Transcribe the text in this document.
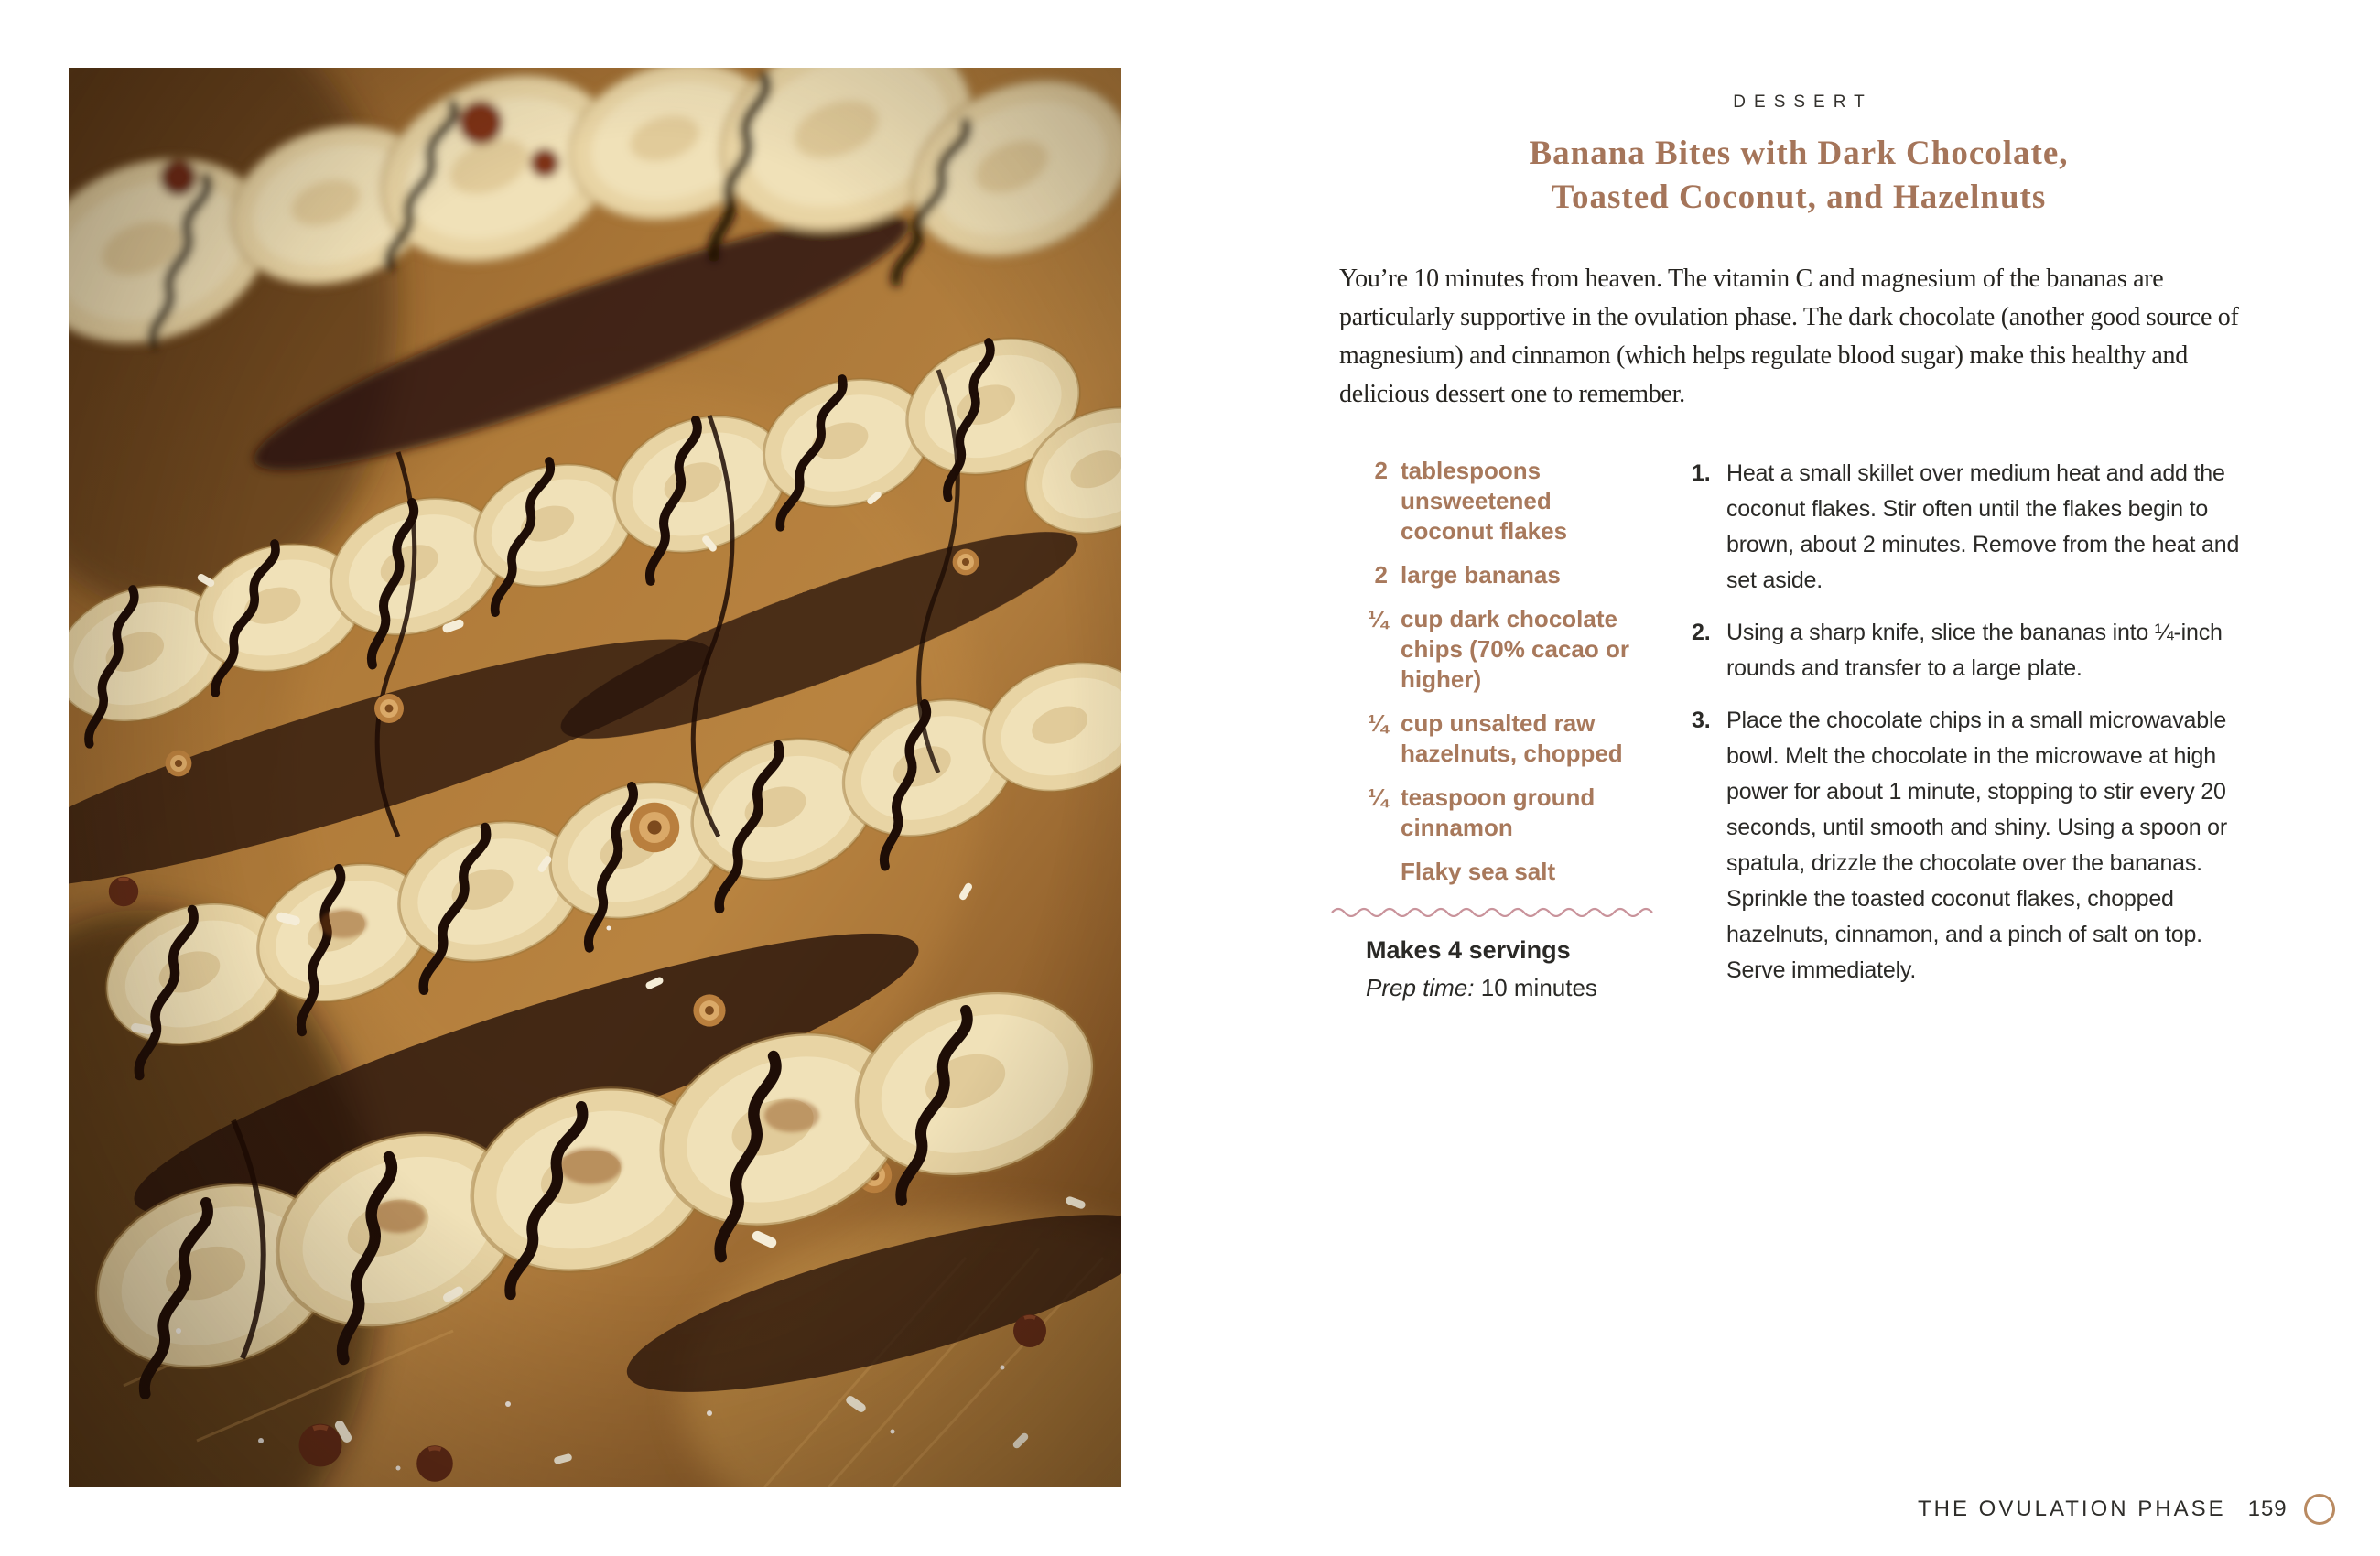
DESSERT
Banana Bites with Dark Chocolate,
Toasted Coconut, and Hazelnuts
You’re 10 minutes from heaven. The vitamin C and magnesium of the bananas are particularly supportive in the ovulation phase. The dark chocolate (another good source of magnesium) and cinnamon (which helps regulate blood sugar) make this healthy and delicious dessert one to remember.
2 tablespoons unsweetened coconut flakes
2 large bananas
¼ cup dark chocolate chips (70% cacao or higher)
¼ cup unsalted raw hazelnuts, chopped
¼ teaspoon ground cinnamon
Flaky sea salt
Makes 4 servings
Prep time: 10 minutes
1. Heat a small skillet over medium heat and add the coconut flakes. Stir often until the flakes begin to brown, about 2 minutes. Remove from the heat and set aside.
2. Using a sharp knife, slice the bananas into ¼-inch rounds and transfer to a large plate.
3. Place the chocolate chips in a small microwavable bowl. Melt the chocolate in the microwave at high power for about 1 minute, stopping to stir every 20 seconds, until smooth and shiny. Using a spoon or spatula, drizzle the chocolate over the bananas. Sprinkle the toasted coconut flakes, chopped hazelnuts, cinnamon, and a pinch of salt on top. Serve immediately.
THE OVULATION PHASE 159
